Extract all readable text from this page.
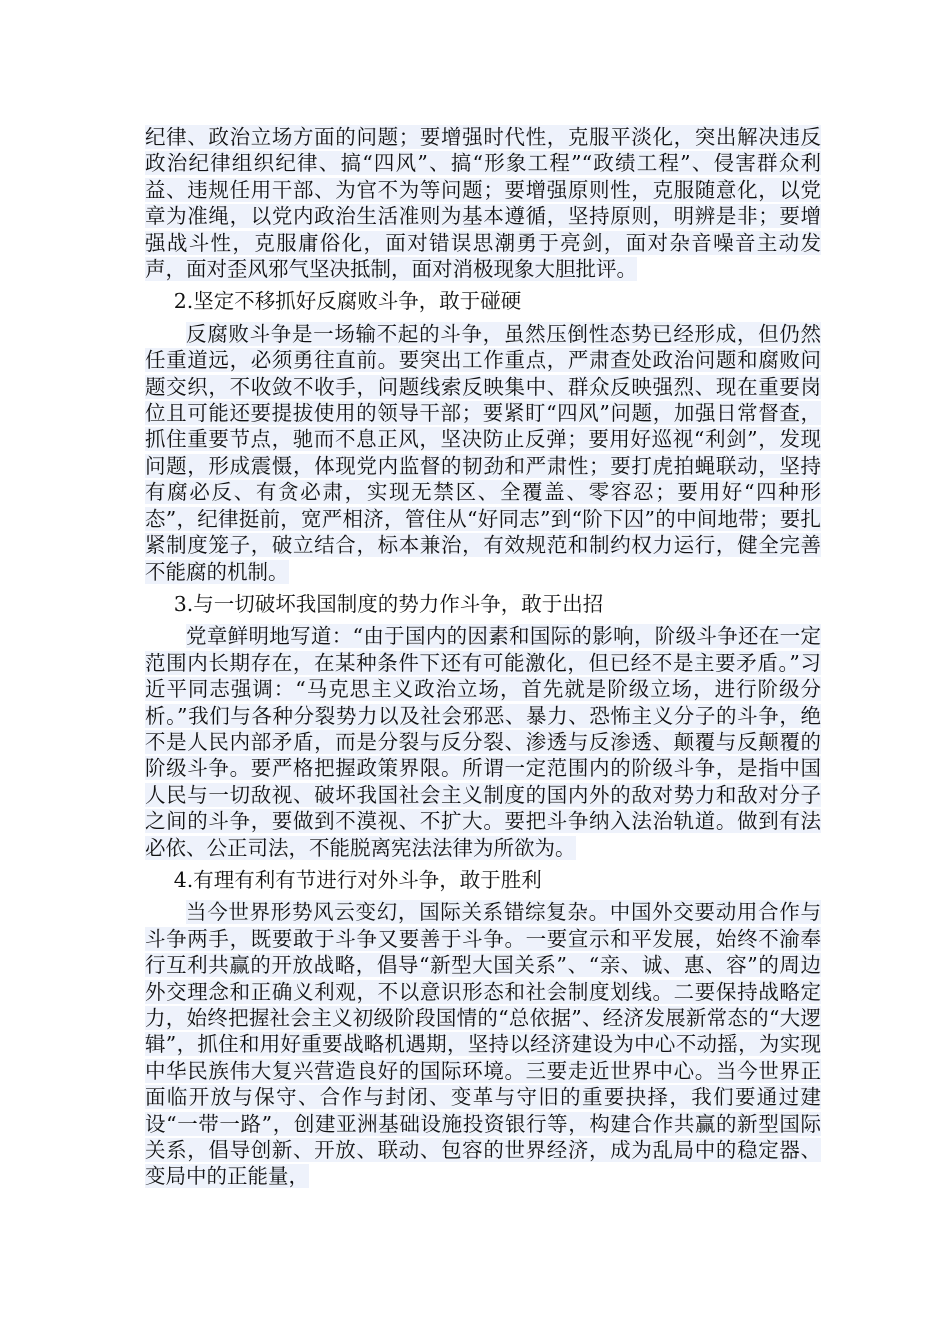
纪律、政治立场方面的问题；要增强时代性，克服平淡化，突出解决违反政治纪律组织纪律、搞“四风”、搞“形象工程”“政绩工程”、侵害群众利益、违规任用干部、为官不为等问题；要增强原则性，克服随意化，以党章为准绳，以党内政治生活准则为基本遵循，坚持原则，明辨是非；要增强战斗性，克服庸俗化，面对错误思潮勇于亮剑，面对杂音噪音主动发声，面对歪风邪气坚决抵制，面对消极现象大胆批评。

2.坚定不移抓好反腐败斗争，敢于碰硬

反腐败斗争是一场输不起的斗争，虽然压倒性态势已经形成，但仍然任重道远，必须勇往直前。要突出工作重点，严肃查处政治问题和腐败问题交织，不收敛不收手，问题线索反映集中、群众反映强烈、现在重要岗位且可能还要提拔使用的领导干部；要紧盯“四风”问题，加强日常督查，抓住重要节点，驰而不息正风，坚决防止反弹；要用好巡视“利剑”，发现问题，形成震慑，体现党内监督的韧劲和严肃性；要打虎拍蝇联动，坚持有腐必反、有贪必肃，实现无禁区、全覆盖、零容忍；要用好“四种形态”，纪律挺前，宽严相济，管住从“好同志”到“阶下囚”的中间地带；要扎紧制度笼子，破立结合，标本兼治，有效规范和制约权力运行，健全完善不能腐的机制。

3.与一切破坏我国制度的势力作斗争，敢于出招

党章鲜明地写道：“由于国内的因素和国际的影响，阶级斗争还在一定范围内长期存在，在某种条件下还有可能激化，但已经不是主要矛盾。”习近平同志强调：“马克思主义政治立场，首先就是阶级立场，进行阶级分析。”我们与各种分裂势力以及社会邪恶、暴力、恐怖主义分子的斗争，绝不是人民内部矛盾，而是分裂与反分裂、渗透与反渗透、颠覆与反颠覆的阶级斗争。要严格把握政策界限。所谓一定范围内的阶级斗争，是指中国人民与一切敌视、破坏我国社会主义制度的国内外的敌对势力和敌对分子之间的斗争，要做到不漠视、不扩大。要把斗争纳入法治轨道。做到有法必依、公正司法，不能脱离宪法法律为所欲为。

4.有理有利有节进行对外斗争，敢于胜利

当今世界形势风云变幻，国际关系错综复杂。中国外交要动用合作与斗争两手，既要敢于斗争又要善于斗争。一要宣示和平发展，始终不渝奉行互利共赢的开放战略，倡导“新型大国关系”、“亲、诚、惠、容”的周边外交理念和正确义利观，不以意识形态和社会制度划线。二要保持战略定力，始终把握社会主义初级阶段国情的“总依据”、经济发展新常态的“大逻辑”，抓住和用好重要战略机遇期，坚持以经济建设为中心不动摇，为实现中华民族伟大复兴营造良好的国际环境。三要走近世界中心。当今世界正面临开放与保守、合作与封闭、变革与守旧的重要抉择，我们要通过建设“一带一路”，创建亚洲基础设施投资银行等，构建合作共赢的新型国际关系，倡导创新、开放、联动、包容的世界经济，成为乱局中的稳定器、变局中的正能量，
